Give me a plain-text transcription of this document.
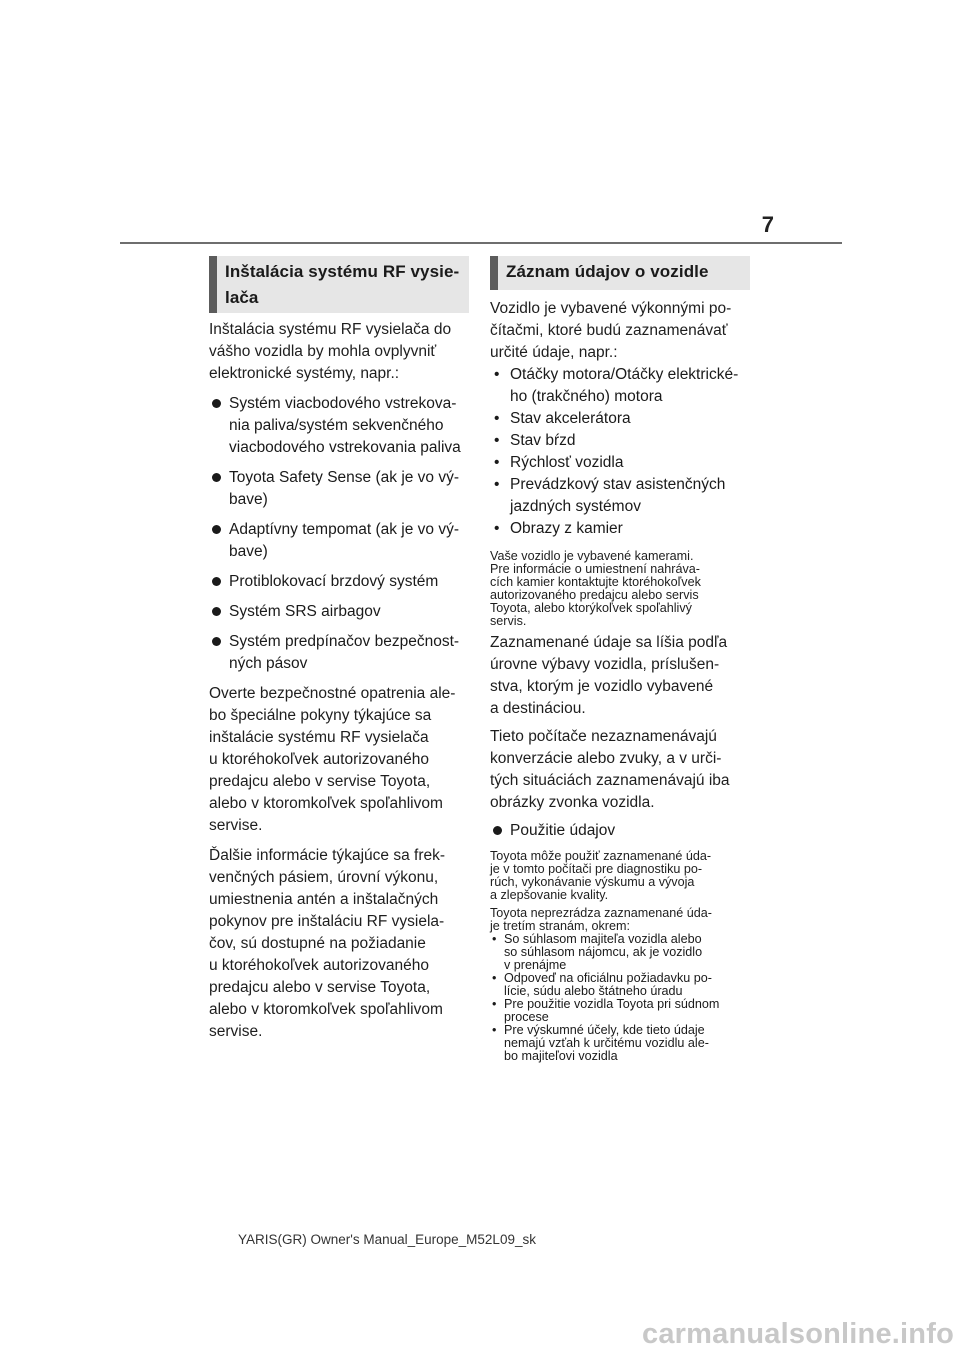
7
Inštalácia systému RF vysie-
lača
Inštalácia systému RF vysielača do
vášho vozidla by mohla ovplyvniť
elektronické systémy, napr.:
Systém viacbodového vstrekova-
nia paliva/systém sekvenčného
viacbodového vstrekovania paliva
Toyota Safety Sense (ak je vo vý-
bave)
Adaptívny tempomat (ak je vo vý-
bave)
Protiblokovací brzdový systém
Systém SRS airbagov
Systém predpínačov bezpečnost-
ných pásov
Overte bezpečnostné opatrenia ale-
bo špeciálne pokyny týkajúce sa
inštalácie systému RF vysielača
u ktoréhokoľvek autorizovaného
predajcu alebo v servise Toyota,
alebo v ktoromkoľvek spoľahlivom
servise.
Ďalšie informácie týkajúce sa frek-
venčných pásiem, úrovní výkonu,
umiestnenia antén a inštalačných
pokynov pre inštaláciu RF vysiela-
čov, sú dostupné na požiadanie
u ktoréhokoľvek autorizovaného
predajcu alebo v servise Toyota,
alebo v ktoromkoľvek spoľahlivom
servise.
Záznam údajov o vozidle
Vozidlo je vybavené výkonnými po-
čítačmi, ktoré budú zaznamenávať
určité údaje, napr.:
• Otáčky motora/Otáčky elektrické-
ho (trakčného) motora
• Stav akcelerátora
• Stav bŕzd
• Rýchlosť vozidla
• Prevádzkový stav asistenčných
jazdných systémov
• Obrazy z kamier
Vaše vozidlo je vybavené kamerami.
Pre informácie o umiestnení nahráva-
cích kamier kontaktujte ktoréhokoľvek
autorizovaného predajcu alebo servis
Toyota, alebo ktorýkoľvek spoľahlivý
servis.
Zaznamenané údaje sa líšia podľa
úrovne výbavy vozidla, príslušen-
stva, ktorým je vozidlo vybavené
a destináciou.
Tieto počítače nezaznamenávajú
konverzácie alebo zvuky, a v urči-
tých situáciách zaznamenávajú iba
obrázky zvonka vozidla.
Použitie údajov
Toyota môže použiť zaznamenané úda-
je v tomto počítači pre diagnostiku po-
rúch, vykonávanie výskumu a vývoja
a zlepšovanie kvality.
Toyota neprezrádza zaznamenané úda-
je tretím stranám, okrem:
• So súhlasom majiteľa vozidla alebo
so súhlasom nájomcu, ak je vozidlo
v prenájme
• Odpoveď na oficiálnu požiadavku po-
lície, súdu alebo štátneho úradu
• Pre použitie vozidla Toyota pri súdnom
procese
• Pre výskumné účely, kde tieto údaje
nemajú vzťah k určitému vozidlu ale-
bo majiteľovi vozidla
YARIS(GR) Owner's Manual_Europe_M52L09_sk
carmanualsonline.info
